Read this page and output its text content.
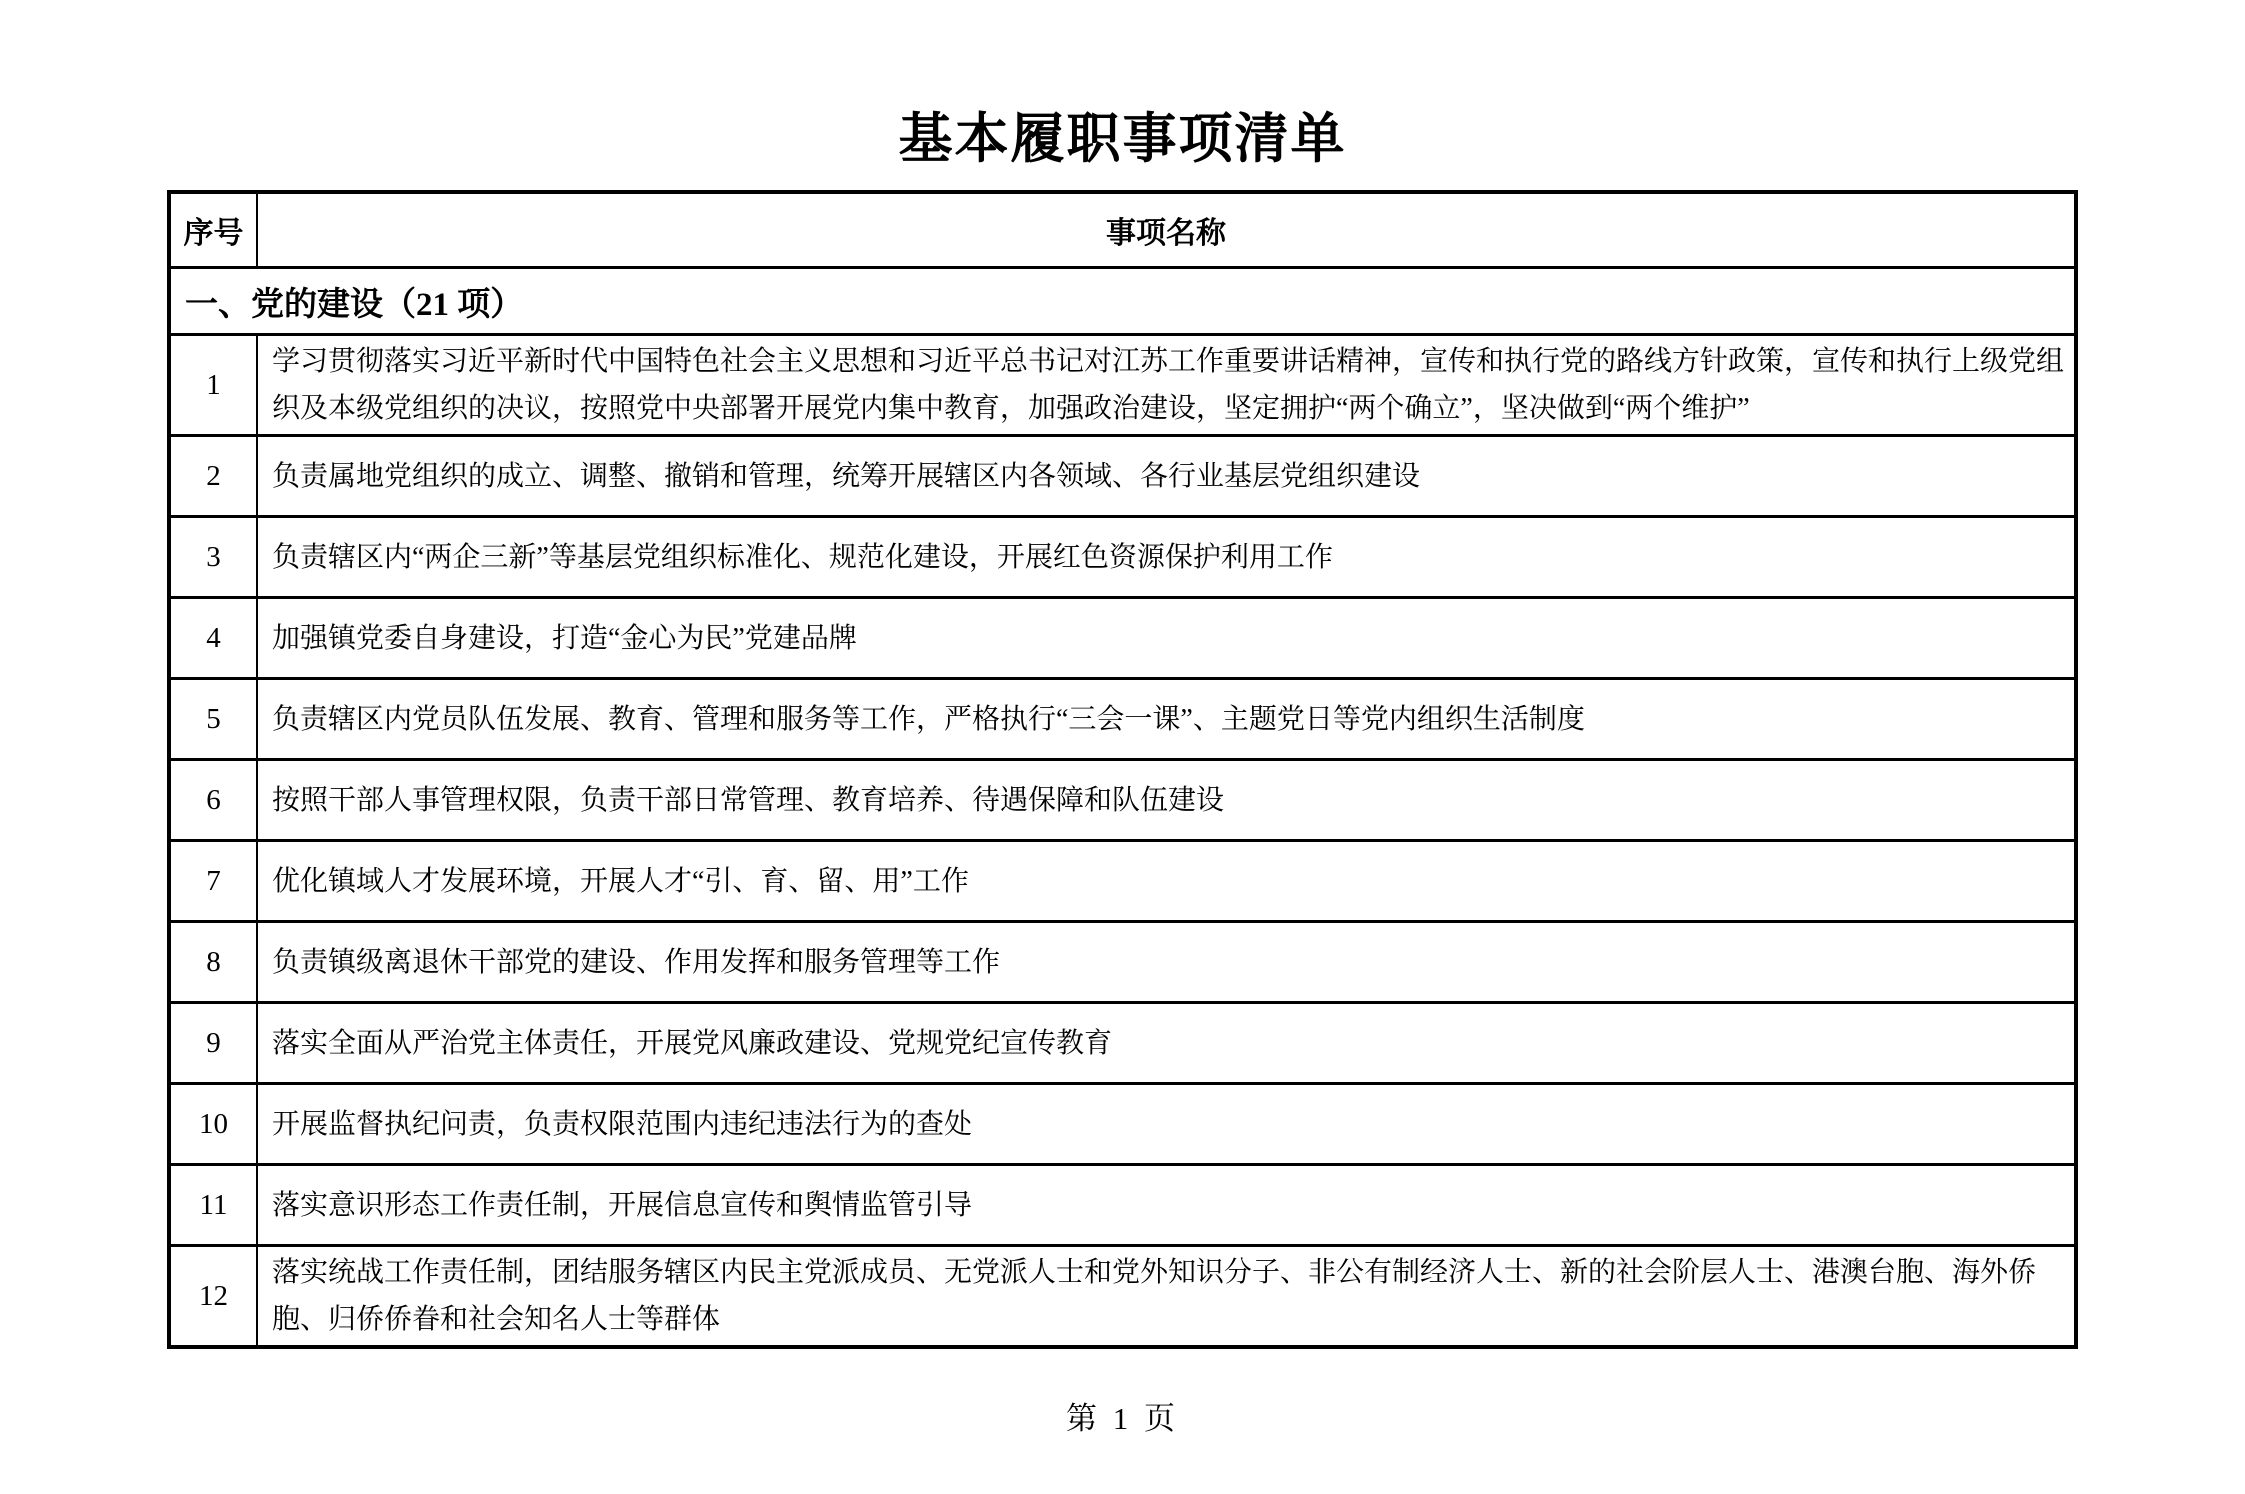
基本履职事项清单
序号	事项名称
一、党的建设（21 项）	
1	学习贯彻落实习近平新时代中国特色社会主义思想和习近平总书记对江苏工作重要讲话精神，宣传和执行党的路线方针政策，宣传和执行上级党组织及本级党组织的决议，按照党中央部署开展党内集中教育，加强政治建设，坚定拥护“两个确立”，坚决做到“两个维护”
2	负责属地党组织的成立、调整、撤销和管理，统筹开展辖区内各领域、各行业基层党组织建设
3	负责辖区内“两企三新”等基层党组织标准化、规范化建设，开展红色资源保护利用工作
4	加强镇党委自身建设，打造“金心为民”党建品牌
5	负责辖区内党员队伍发展、教育、管理和服务等工作，严格执行“三会一课”、主题党日等党内组织生活制度
6	按照干部人事管理权限，负责干部日常管理、教育培养、待遇保障和队伍建设
7	优化镇域人才发展环境，开展人才“引、育、留、用”工作
8	负责镇级离退休干部党的建设、作用发挥和服务管理等工作
9	落实全面从严治党主体责任，开展党风廉政建设、党规党纪宣传教育
10	开展监督执纪问责，负责权限范围内违纪违法行为的查处
11	落实意识形态工作责任制，开展信息宣传和舆情监管引导
12	落实统战工作责任制，团结服务辖区内民主党派成员、无党派人士和党外知识分子、非公有制经济人士、新的社会阶层人士、港澳台胞、海外侨胞、归侨侨眷和社会知名人士等群体
第 1 页
